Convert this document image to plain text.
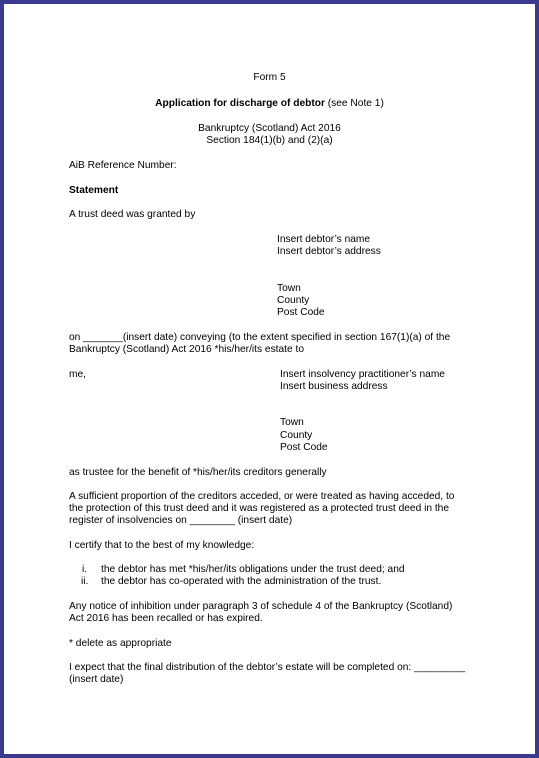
Form 5
Application for discharge of debtor (see Note 1)
Bankruptcy (Scotland) Act 2016
Section 184(1)(b) and (2)(a)
AiB Reference Number:
Statement
A trust deed was granted by
Insert debtor’s name
Insert debtor’s address
Town
County
Post Code
on _______(insert date) conveying (to the extent specified in section 167(1)(a) of the
Bankruptcy (Scotland) Act 2016 *his/her/its estate to
me,	Insert insolvency practitioner’s name
Insert business address
Town
County
Post Code
as trustee for the benefit of *his/her/its creditors generally
A sufficient proportion of the creditors acceded, or were treated as having acceded, to
the protection of this trust deed and it was registered as a protected trust deed in the
register of insolvencies on ________ (insert date)
I certify that to the best of my knowledge:
i. the debtor has met *his/her/its obligations under the trust deed; and
ii. the debtor has co-operated with the administration of the trust.
Any notice of inhibition under paragraph 3 of schedule 4 of the Bankruptcy (Scotland)
Act 2016 has been recalled or has expired.
* delete as appropriate
I expect that the final distribution of the debtor’s estate will be completed on: _________
(insert date)
